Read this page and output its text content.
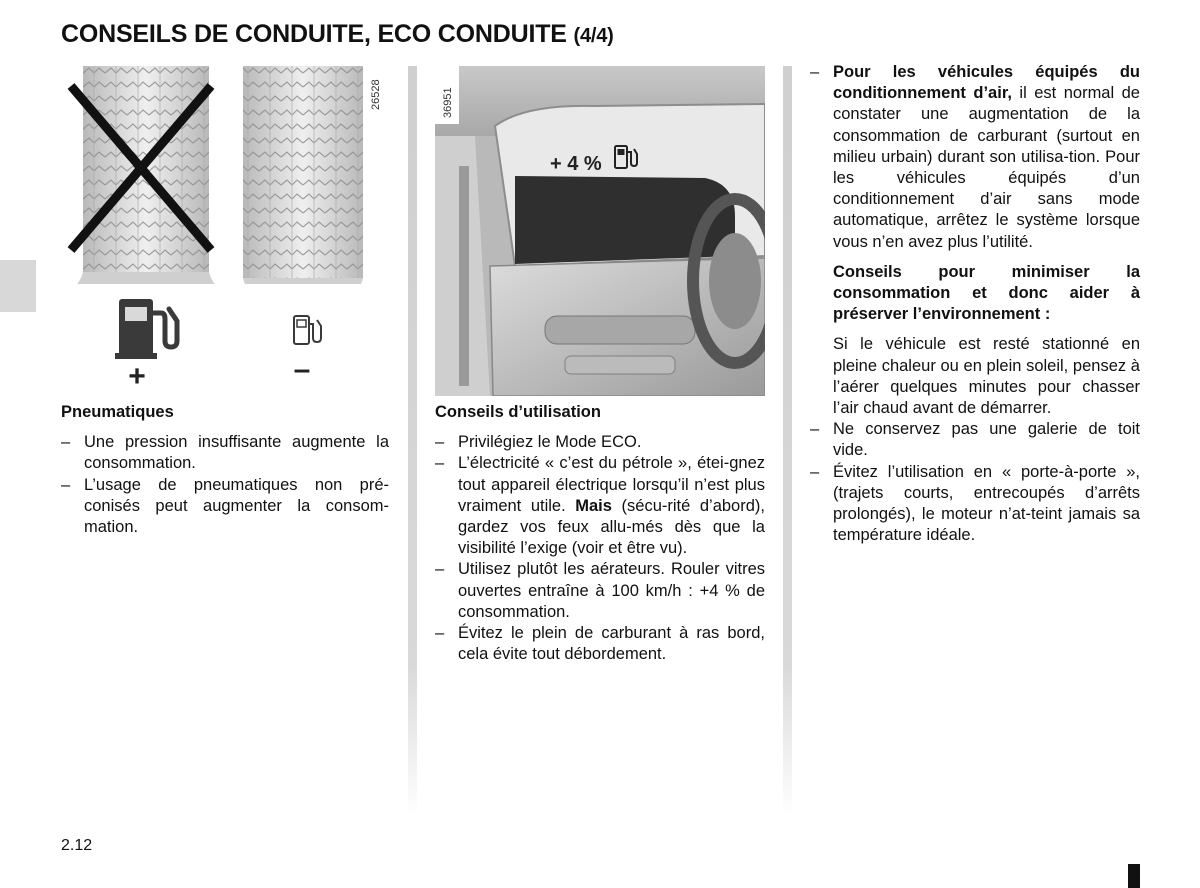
CONSEILS DE CONDUITE, ECO CONDUITE (4/4)
26528
+	–
36951
+ 4 %
Pneumatiques
– Une pression insuffisante augmente la consommation.
– L’usage de pneumatiques non pré-conisés peut augmenter la consom-mation.
Conseils d’utilisation
– Privilégiez le Mode ECO.
– L’électricité « c’est du pétrole », étei-gnez tout appareil électrique lorsqu’il n’est plus vraiment utile. Mais (sécu-rité d’abord), gardez vos feux allu-més dès que la visibilité l’exige (voir et être vu).
– Utilisez plutôt les aérateurs. Rouler vitres ouvertes entraîne à 100 km/h : +4 % de consommation.
– Évitez le plein de carburant à ras bord, cela évite tout débordement.
– Pour les véhicules équipés du conditionnement d’air, il est normal de constater une augmentation de la consommation de carburant (surtout en milieu urbain) durant son utilisa-tion. Pour les véhicules équipés d’un conditionnement d’air sans mode automatique, arrêtez le système lorsque vous n’en avez plus l’utilité.

Conseils pour minimiser la consommation et donc aider à préserver l’environnement :

Si le véhicule est resté stationné en pleine chaleur ou en plein soleil, pensez à l’aérer quelques minutes pour chasser l’air chaud avant de démarrer.

– Ne conservez pas une galerie de toit vide.
– Évitez l’utilisation en « porte-à-porte », (trajets courts, entrecoupés d’arrêts prolongés), le moteur n’at-teint jamais sa température idéale.
2.12
